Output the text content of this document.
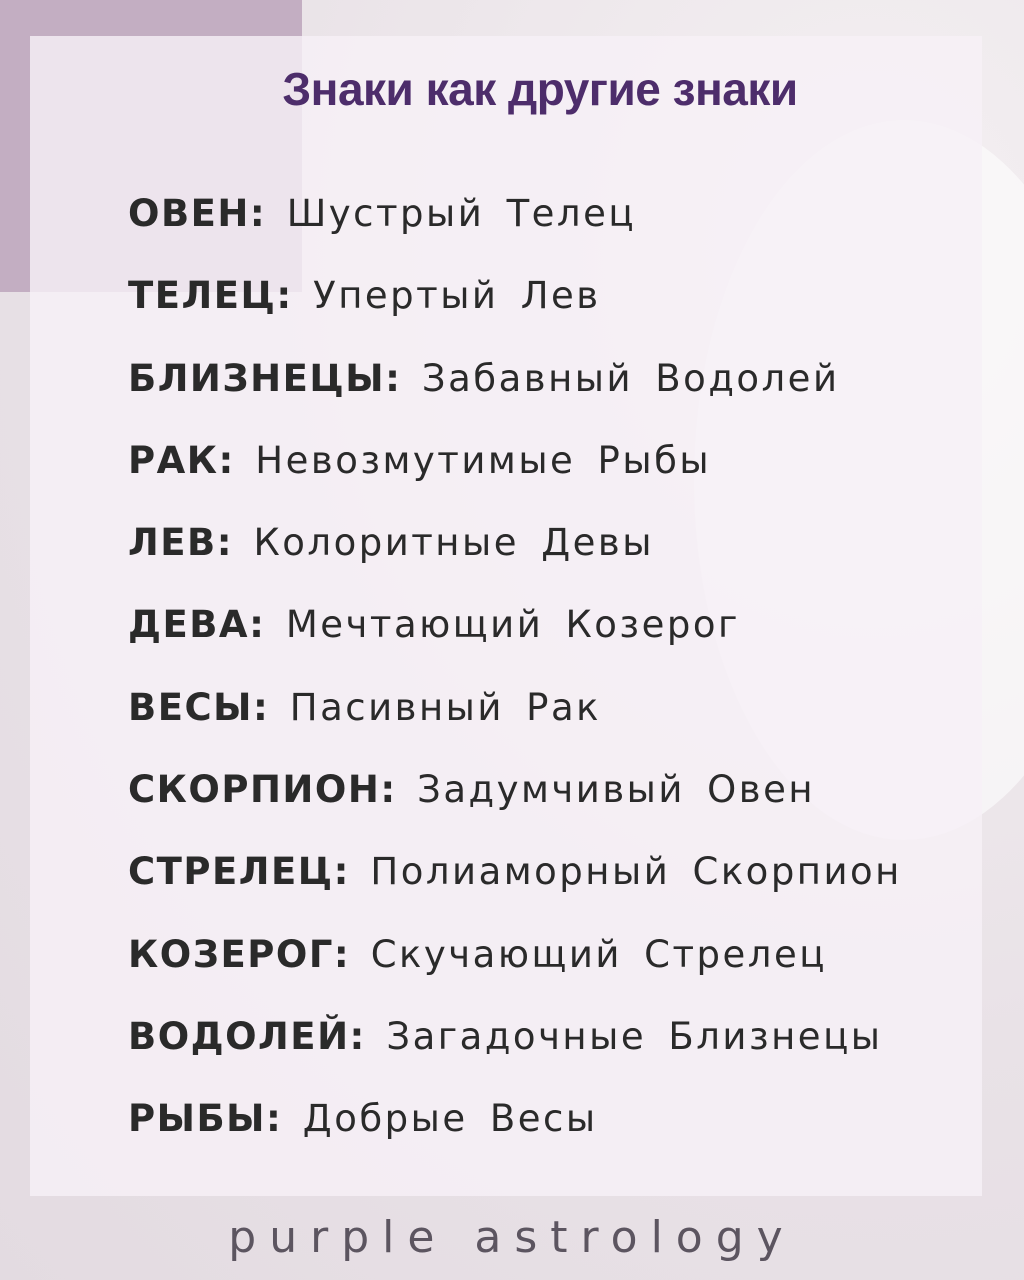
Знаки как другие знаки
ОВЕН: Шустрый Телец
ТЕЛЕЦ: Упертый Лев
БЛИЗНЕЦЫ: Забавный Водолей
РАК: Невозмутимые Рыбы
ЛЕВ: Колоритные Девы
ДЕВА: Мечтающий Козерог
ВЕСЫ: Пасивный Рак
СКОРПИОН: Задумчивый Овен
СТРЕЛЕЦ: Полиаморный Скорпион
КОЗЕРОГ: Скучающий Стрелец
ВОДОЛЕЙ: Загадочные Близнецы
РЫБЫ: Добрые Весы
purple astrology
